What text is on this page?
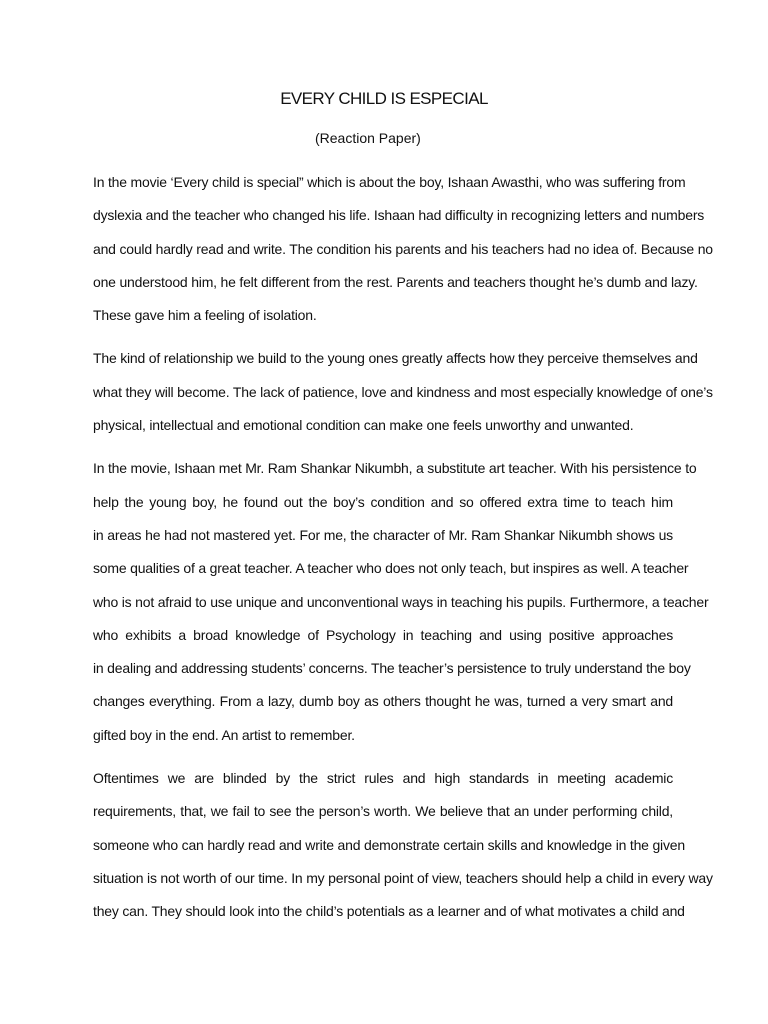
EVERY CHILD IS ESPECIAL

(Reaction Paper)

In the movie ‘Every child is special” which is about the boy, Ishaan Awasthi, who was suffering from
dyslexia and the teacher who changed his life. Ishaan had difficulty in recognizing letters and numbers
and could hardly read and write. The condition his parents and his teachers had no idea of. Because no
one understood him, he felt different from the rest. Parents and teachers thought he’s dumb and lazy.
These gave him a feeling of isolation.
The kind of relationship we build to the young ones greatly affects how they perceive themselves and
what they will become. The lack of patience, love and kindness and most especially knowledge of one’s
physical, intellectual and emotional condition can make one feels unworthy and unwanted.
In the movie, Ishaan met Mr. Ram Shankar Nikumbh, a substitute art teacher. With his persistence to
help the young boy, he found out the boy’s condition and so offered extra time to teach him
in areas he had not mastered yet. For me, the character of Mr. Ram Shankar Nikumbh shows us
some qualities of a great teacher. A teacher who does not only teach, but inspires as well. A teacher
who is not afraid to use unique and unconventional ways in teaching his pupils. Furthermore, a teacher
who exhibits a broad knowledge of Psychology in teaching and using positive approaches
in dealing and addressing students’ concerns. The teacher’s persistence to truly understand the boy
changes everything. From a lazy, dumb boy as others thought he was, turned a very smart and
gifted boy in the end. An artist to remember.
Oftentimes we are blinded by the strict rules and high standards in meeting academic
requirements, that, we fail to see the person’s worth. We believe that an under performing child,
someone who can hardly read and write and demonstrate certain skills and knowledge in the given
situation is not worth of our time. In my personal point of view, teachers should help a child in every way
they can. They should look into the child’s potentials as a learner and of what motivates a child and
